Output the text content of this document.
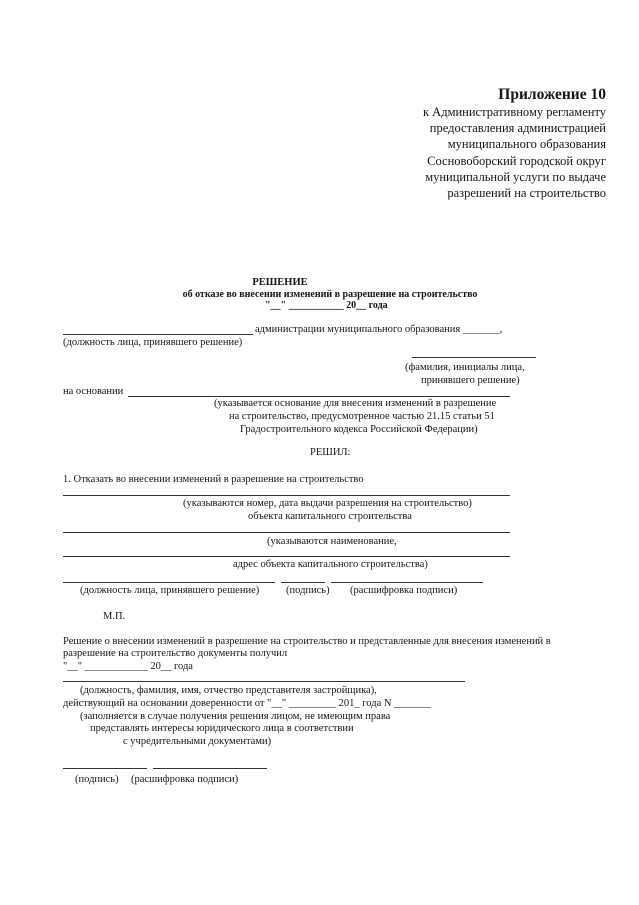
Приложение 10
к Административному регламенту
предоставления администрацией
муниципального образования
Сосновоборский городской округ
муниципальной услуги по выдаче
разрешений на строительство
РЕШЕНИЕ
об отказе во внесении изменений в разрешение на строительство
"__" ___________ 20__ года
администрации муниципального образования _______,
(должность лица, принявшего решение)
(фамилия, инициалы лица,
принявшего решение)
на основании
(указывается основание для внесения изменений в разрешение
на строительство, предусмотренное частью 21.15 статьи 51
Градостроительного кодекса Российской Федерации)
РЕШИЛ:
1. Отказать во внесении изменений в разрешение на строительство
(указываются номер, дата выдачи разрешения на строительство)
объекта капитального строительства
(указываются наименование,
адрес объекта капитального строительства)
(должность лица, принявшего решение)	(подпись) (расшифровка подписи)
М.П.
Решение о внесении изменений в разрешение на строительство и представленные для внесения изменений в
разрешение на строительство документы получил
"__" ____________ 20__ года
(должность, фамилия, имя, отчество представителя застройщика),
действующий на основании доверенности от "__" _________ 201_ года N _______
(заполняется в случае получения решения лицом, не имеющим права
представлять интересы юридического лица в соответствии
с учредительными документами)
(подпись) (расшифровка подписи)
